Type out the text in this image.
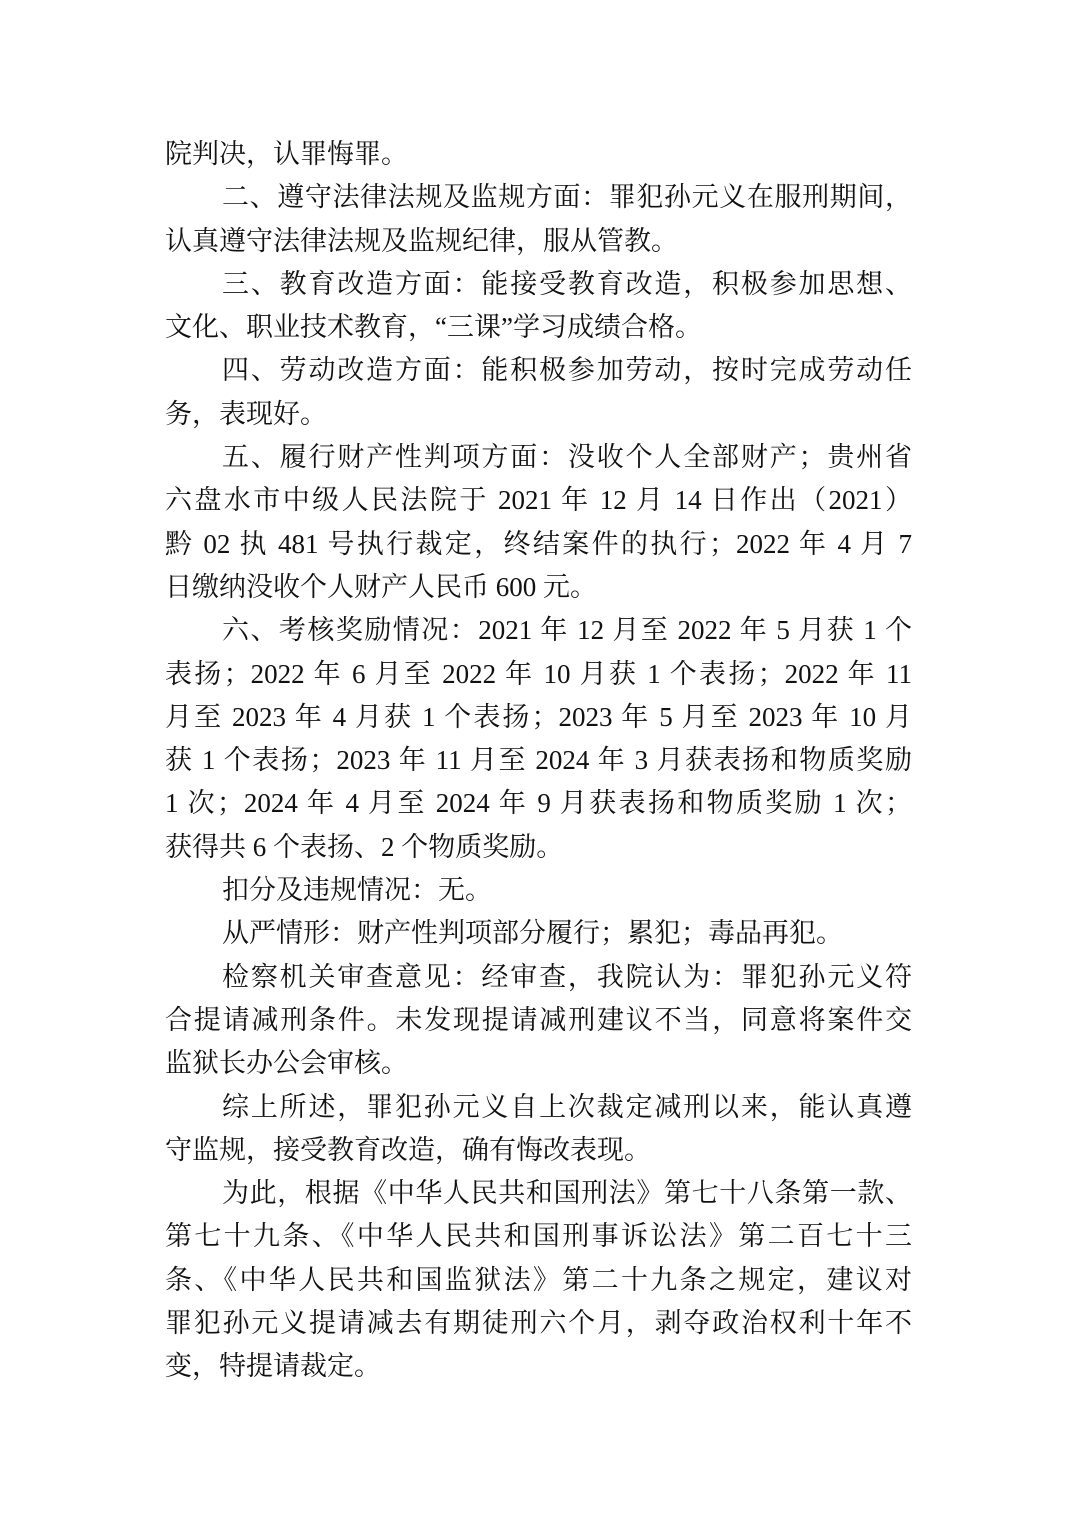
院判决，认罪悔罪。
二、遵守法律法规及监规方面：罪犯孙元义在服刑期间，
认真遵守法律法规及监规纪律，服从管教。
三、教育改造方面：能接受教育改造，积极参加思想、
文化、职业技术教育，“三课”学习成绩合格。
四、劳动改造方面：能积极参加劳动，按时完成劳动任
务，表现好。
五、履行财产性判项方面：没收个人全部财产；贵州省
六盘水市中级人民法院于 2021 年 12 月 14 日作出（2021）
黔 02 执 481 号执行裁定，终结案件的执行；2022 年 4 月 7
日缴纳没收个人财产人民币 600 元。
六、考核奖励情况：2021 年 12 月至 2022 年 5 月获 1 个
表扬；2022 年 6 月至 2022 年 10 月获 1 个表扬；2022 年 11
月至 2023 年 4 月获 1 个表扬；2023 年 5 月至 2023 年 10 月
获 1 个表扬；2023 年 11 月至 2024 年 3 月获表扬和物质奖励
1 次；2024 年 4 月至 2024 年 9 月获表扬和物质奖励 1 次；
获得共 6 个表扬、2 个物质奖励。
扣分及违规情况：无。
从严情形：财产性判项部分履行；累犯；毒品再犯。
检察机关审查意见：经审查，我院认为：罪犯孙元义符
合提请减刑条件。未发现提请减刑建议不当，同意将案件交
监狱长办公会审核。
综上所述，罪犯孙元义自上次裁定减刑以来，能认真遵
守监规，接受教育改造，确有悔改表现。
为此，根据《中华人民共和国刑法》第七十八条第一款、
第七十九条、《中华人民共和国刑事诉讼法》第二百七十三
条、《中华人民共和国监狱法》第二十九条之规定，建议对
罪犯孙元义提请减去有期徒刑六个月，剥夺政治权利十年不
变，特提请裁定。
